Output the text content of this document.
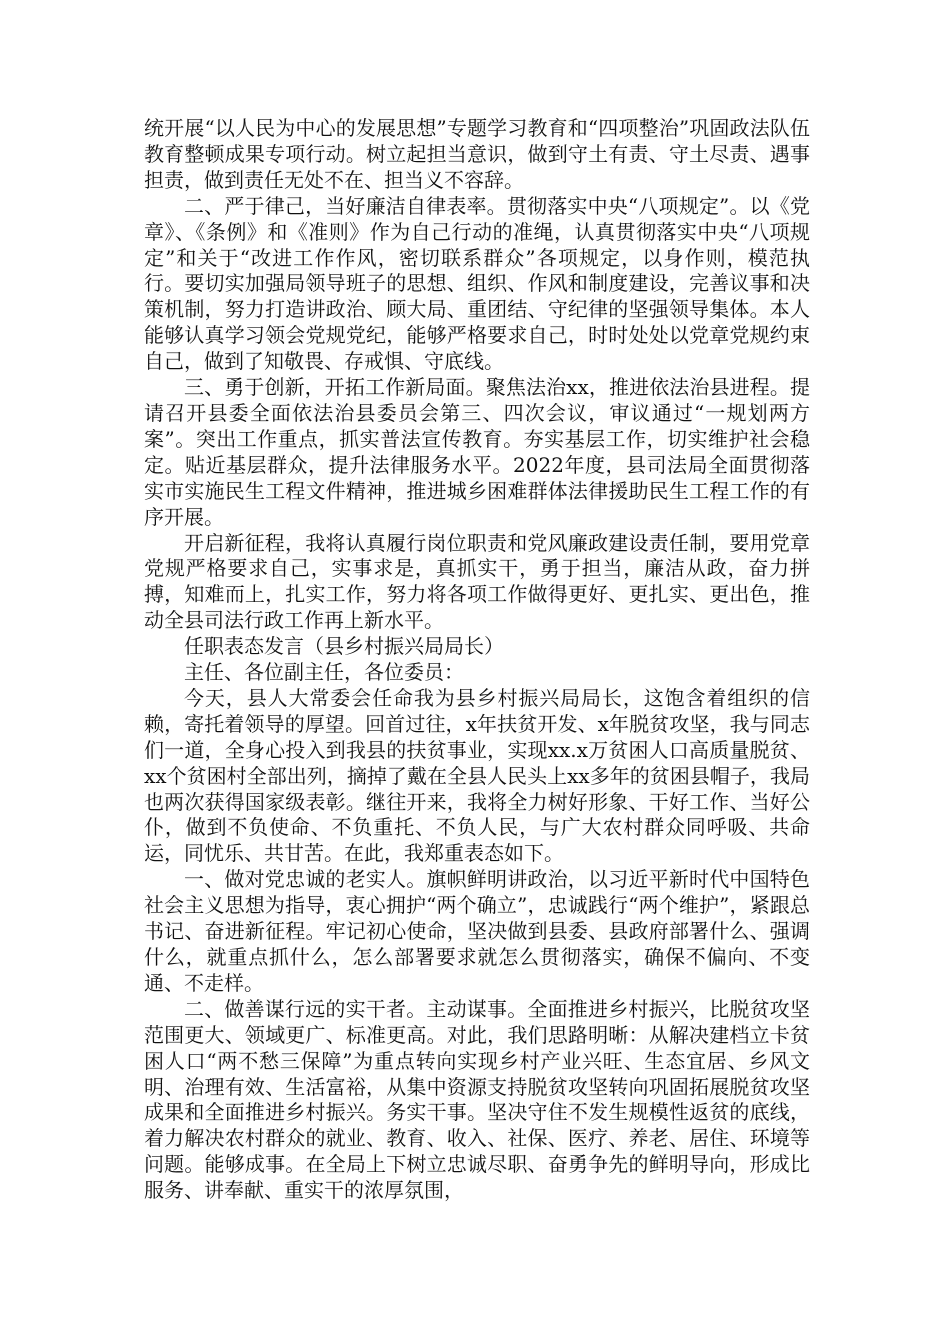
统开展“以人民为中心的发展思想”专题学习教育和“四项整治”巩固政法队伍教育整顿成果专项行动。树立起担当意识，做到守土有责、守土尽责、遇事担责，做到责任无处不在、担当义不容辞。

二、严于律己，当好廉洁自律表率。贯彻落实中央“八项规定”。以《党章》、《条例》和《准则》作为自己行动的准绳，认真贯彻落实中央“八项规定”和关于“改进工作作风，密切联系群众”各项规定，以身作则，模范执行。要切实加强局领导班子的思想、组织、作风和制度建设，完善议事和决策机制，努力打造讲政治、顾大局、重团结、守纪律的坚强领导集体。本人能够认真学习领会党规党纪，能够严格要求自己，时时处处以党章党规约束自己，做到了知敬畏、存戒惧、守底线。

三、勇于创新，开拓工作新局面。聚焦法治xx，推进依法治县进程。提请召开县委全面依法治县委员会第三、四次会议，审议通过“一规划两方案”。突出工作重点，抓实普法宣传教育。夯实基层工作，切实维护社会稳定。贴近基层群众，提升法律服务水平。2022年度，县司法局全面贯彻落实市实施民生工程文件精神，推进城乡困难群体法律援助民生工程工作的有序开展。

开启新征程，我将认真履行岗位职责和党风廉政建设责任制，要用党章党规严格要求自己，实事求是，真抓实干，勇于担当，廉洁从政，奋力拼搏，知难而上，扎实工作，努力将各项工作做得更好、更扎实、更出色，推动全县司法行政工作再上新水平。

任职表态发言（县乡村振兴局局长）

主任、各位副主任，各位委员：

今天，县人大常委会任命我为县乡村振兴局局长，这饱含着组织的信赖，寄托着领导的厚望。回首过往，x年扶贫开发、x年脱贫攻坚，我与同志们一道，全身心投入到我县的扶贫事业，实现xx.x万贫困人口高质量脱贫、xx个贫困村全部出列，摘掉了戴在全县人民头上xx多年的贫困县帽子，我局也两次获得国家级表彰。继往开来，我将全力树好形象、干好工作、当好公仆，做到不负使命、不负重托、不负人民，与广大农村群众同呼吸、共命运，同忧乐、共甘苦。在此，我郑重表态如下。

一、做对党忠诚的老实人。旗帜鲜明讲政治，以习近平新时代中国特色社会主义思想为指导，衷心拥护“两个确立”，忠诚践行“两个维护”，紧跟总书记、奋进新征程。牢记初心使命，坚决做到县委、县政府部署什么、强调什么，就重点抓什么，怎么部署要求就怎么贯彻落实，确保不偏向、不变通、不走样。

二、做善谋行远的实干者。主动谋事。全面推进乡村振兴，比脱贫攻坚范围更大、领域更广、标准更高。对此，我们思路明晰：从解决建档立卡贫困人口“两不愁三保障”为重点转向实现乡村产业兴旺、生态宜居、乡风文明、治理有效、生活富裕，从集中资源支持脱贫攻坚转向巩固拓展脱贫攻坚成果和全面推进乡村振兴。务实干事。坚决守住不发生规模性返贫的底线，着力解决农村群众的就业、教育、收入、社保、医疗、养老、居住、环境等问题。能够成事。在全局上下树立忠诚尽职、奋勇争先的鲜明导向，形成比服务、讲奉献、重实干的浓厚氛围，
